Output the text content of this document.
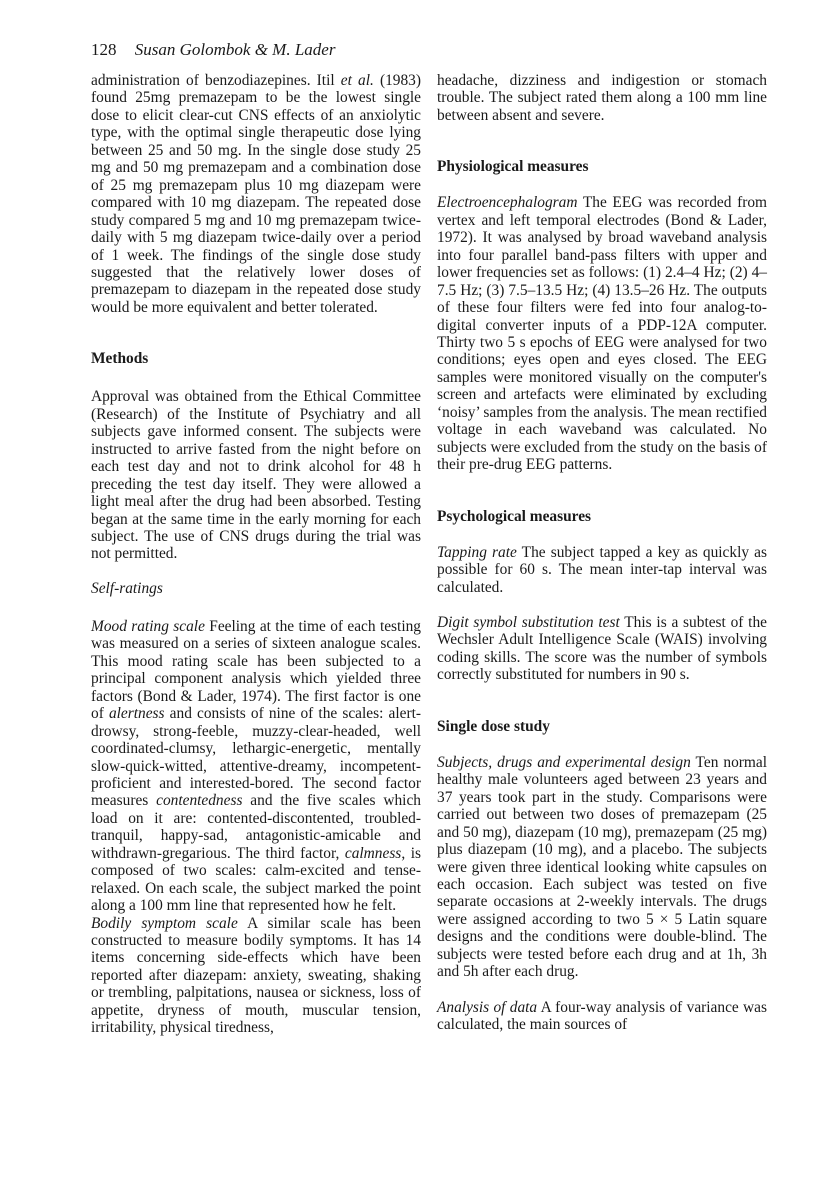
128 Susan Golombok & M. Lader

administration of benzodiazepines. Itil et al. (1983) found 25mg premazepam to be the lowest single dose to elicit clear-cut CNS effects of an anxiolytic type, with the optimal single therapeutic dose lying between 25 and 50 mg. In the single dose study 25 mg and 50 mg premazepam and a combination dose of 25 mg premazepam plus 10 mg diazepam were compared with 10 mg diazepam. The repeated dose study compared 5 mg and 10 mg premazepam twice-daily with 5 mg diazepam twice-daily over a period of 1 week. The findings of the single dose study suggested that the relatively lower doses of premazepam to diazepam in the repeated dose study would be more equivalent and better tolerated.

Methods

Approval was obtained from the Ethical Committee (Research) of the Institute of Psychiatry and all subjects gave informed consent. The subjects were instructed to arrive fasted from the night before on each test day and not to drink alcohol for 48 h preceding the test day itself. They were allowed a light meal after the drug had been absorbed. Testing began at the same time in the early morning for each subject. The use of CNS drugs during the trial was not permitted.

Self-ratings

Mood rating scale Feeling at the time of each testing was measured on a series of sixteen analogue scales. This mood rating scale has been subjected to a principal component analysis which yielded three factors (Bond & Lader, 1974). The first factor is one of alertness and consists of nine of the scales: alert-drowsy, strong-feeble, muzzy-clear-headed, well coordinated-clumsy, lethargic-energetic, mentally slow-quick-witted, attentive-dreamy, incompetent-proficient and interested-bored. The second factor measures contentedness and the five scales which load on it are: contented-discontented, troubled-tranquil, happy-sad, antagonistic-amicable and withdrawn-gregarious. The third factor, calmness, is composed of two scales: calm-excited and tense-relaxed. On each scale, the subject marked the point along a 100 mm line that represented how he felt.

Bodily symptom scale A similar scale has been constructed to measure bodily symptoms. It has 14 items concerning side-effects which have been reported after diazepam: anxiety, sweating, shaking or trembling, palpitations, nausea or sickness, loss of appetite, dryness of mouth, muscular tension, irritability, physical tiredness,

headache, dizziness and indigestion or stomach trouble. The subject rated them along a 100 mm line between absent and severe.

Physiological measures

Electroencephalogram The EEG was recorded from vertex and left temporal electrodes (Bond & Lader, 1972). It was analysed by broad waveband analysis into four parallel band-pass filters with upper and lower frequencies set as follows: (1) 2.4–4 Hz; (2) 4–7.5 Hz; (3) 7.5–13.5 Hz; (4) 13.5–26 Hz. The outputs of these four filters were fed into four analog-to-digital converter inputs of a PDP-12A computer. Thirty two 5 s epochs of EEG were analysed for two conditions; eyes open and eyes closed. The EEG samples were monitored visually on the computer's screen and artefacts were eliminated by excluding ‘noisy’ samples from the analysis. The mean rectified voltage in each waveband was calculated. No subjects were excluded from the study on the basis of their pre-drug EEG patterns.

Psychological measures

Tapping rate The subject tapped a key as quickly as possible for 60 s. The mean inter-tap interval was calculated.

Digit symbol substitution test This is a subtest of the Wechsler Adult Intelligence Scale (WAIS) involving coding skills. The score was the number of symbols correctly substituted for numbers in 90 s.

Single dose study

Subjects, drugs and experimental design Ten normal healthy male volunteers aged between 23 years and 37 years took part in the study. Comparisons were carried out between two doses of premazepam (25 and 50 mg), diazepam (10 mg), premazepam (25 mg) plus diazepam (10 mg), and a placebo. The subjects were given three identical looking white capsules on each occasion. Each subject was tested on five separate occasions at 2-weekly intervals. The drugs were assigned according to two 5 × 5 Latin square designs and the conditions were double-blind. The subjects were tested before each drug and at 1h, 3h and 5h after each drug.

Analysis of data A four-way analysis of variance was calculated, the main sources of
